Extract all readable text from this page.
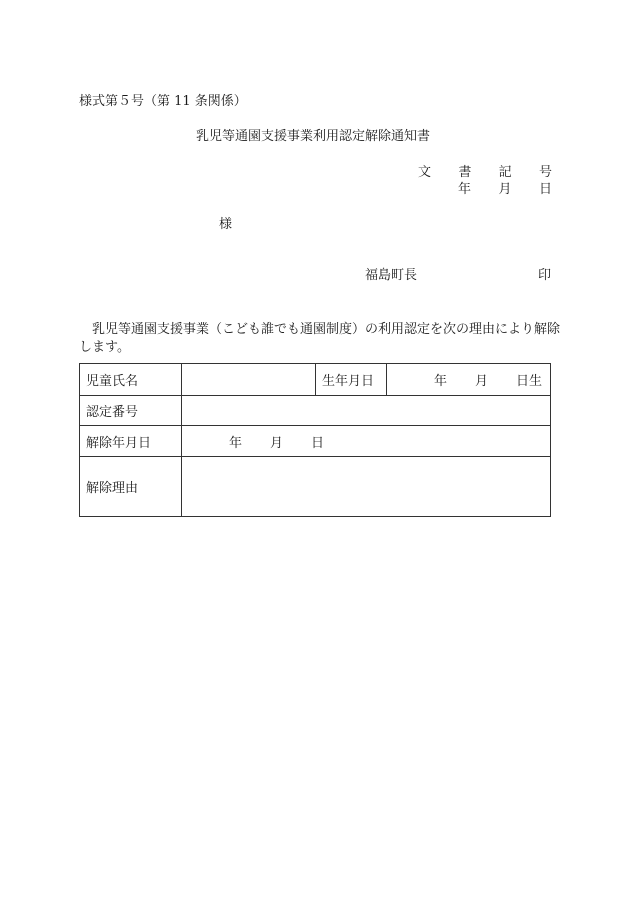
様式第５号（第 11 条関係）
乳児等通園支援事業利用認定解除通知書
文 書 記 号
年 月 日
様
福島町長	印
乳児等通園支援事業（こども誰でも通園制度）の利用認定を次の理由により解除します。
児童氏名		生年月日	年 月 日生
認定番号			
解除年月日	年 月 日		
解除理由			
